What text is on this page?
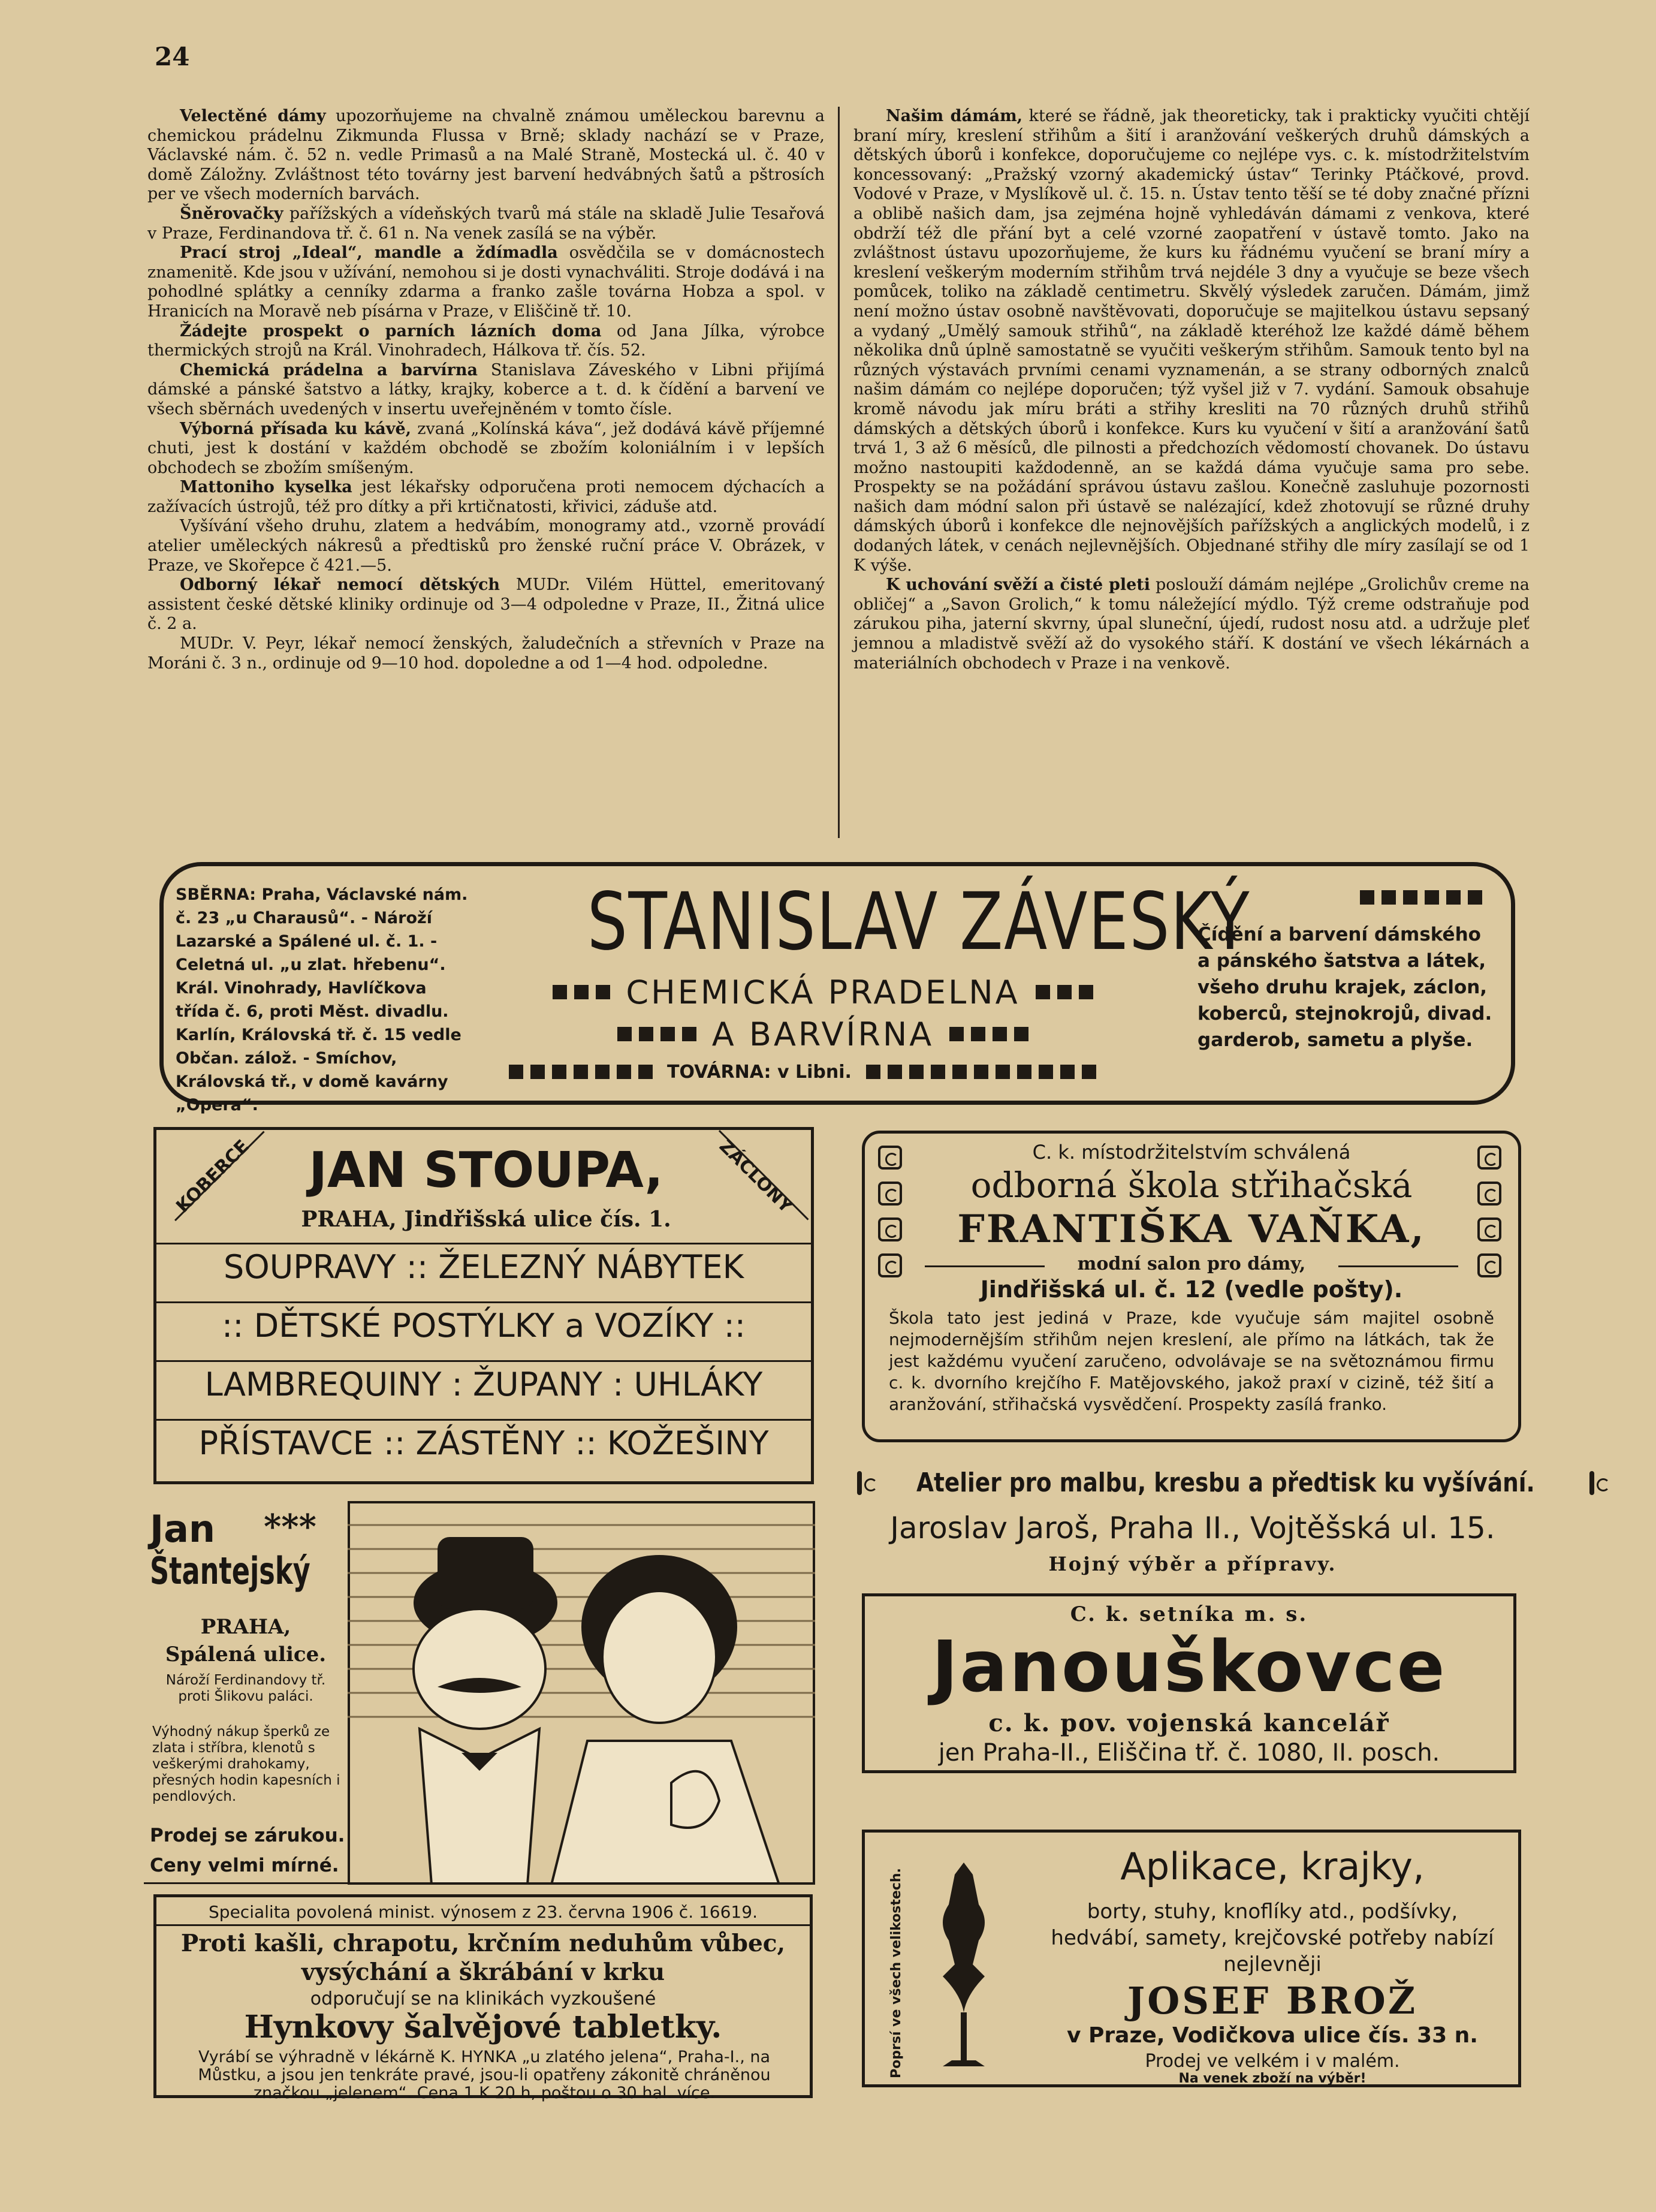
24

Velectěné dámy upozorňujeme na chvalně známou uměleckou barevnu a chemickou prádelnu Zikmunda Flussa v Brně; sklady nachází se v Praze, Václavské nám. č. 52 n. vedle Primasů a na Malé Straně, Mostecká ul. č. 40 v domě Záložny. Zvláštnost této továrny jest barvení hedvábných šatů a pštrosích per ve všech moderních barvách.

Šněrovačky pařížských a vídeňských tvarů má stále na skladě Julie Tesařová v Praze, Ferdinandova tř. č. 61 n. Na venek zasílá se na výběr.

Prací stroj „Ideal“, mandle a ždímadla osvědčila se v domácnostech znamenitě. Kde jsou v užívání, nemohou si je dosti vynachváliti. Stroje dodává i na pohodlné splátky a cenníky zdarma a franko zašle továrna Hobza a spol. v Hranicích na Moravě neb písárna v Praze, v Eliščině tř. 10.

Žádejte prospekt o parních lázních doma od Jana Jílka, výrobce thermických strojů na Král. Vinohradech, Hálkova tř. čís. 52.

Chemická prádelna a barvírna Stanislava Záveského v Libni přijímá dámské a pánské šatstvo a látky, krajky, koberce a t. d. k čídění a barvení ve všech sběrnách uvedených v insertu uveřejněném v tomto čísle.

Výborná přísada ku kávě, zvaná „Kolínská káva“, jež dodává kávě příjemné chuti, jest k dostání v každém obchodě se zbožím koloniálním i v lepších obchodech se zbožím smíšeným.

Mattoniho kyselka jest lékařsky odporučena proti nemocem dýchacích a zažívacích ústrojů, též pro dítky a při krtičnatosti, křivici, záduše atd.

Vyšívání všeho druhu, zlatem a hedvábím, monogramy atd., vzorně provádí atelier uměleckých nákresů a předtisků pro ženské ruční práce V. Obrázek, v Praze, ve Skořepce č 421.—5.

Odborný lékař nemocí dětských MUDr. Vilém Hüttel, emeritovaný assistent české dětské kliniky ordinuje od 3—4 odpoledne v Praze, II., Žitná ulice č. 2 a.

MUDr. V. Peyr, lékař nemocí ženských, žaludečních a střevních v Praze na Moráni č. 3 n., ordinuje od 9—10 hod. dopoledne a od 1—4 hod. odpoledne.

Našim dámám, které se řádně, jak theoreticky, tak i prakticky vyučiti chtějí braní míry, kreslení střihům a šití i aranžování veškerých druhů dámských a dětských úborů i konfekce, doporučujeme co nejlépe vys. c. k. místodržitelstvím koncessovaný: „Pražský vzorný akademický ústav“ Terinky Ptáčkové, provd. Vodové v Praze, v Myslíkově ul. č. 15. n. Ústav tento těší se té doby značné přízni a oblibě našich dam, jsa zejména hojně vyhledáván dámami z venkova, které obdrží též dle přání byt a celé vzorné zaopatření v ústavě tomto. Jako na zvláštnost ústavu upozorňujeme, že kurs ku řádnému vyučení se braní míry a kreslení veškerým moderním střihům trvá nejdéle 3 dny a vyučuje se beze všech pomůcek, toliko na základě centimetru. Skvělý výsledek zaručen. Dámám, jimž není možno ústav osobně navštěvovati, doporučuje se majitelkou ústavu sepsaný a vydaný „Umělý samouk střihů“, na základě kteréhož lze každé dámě během několika dnů úplně samostatně se vyučiti veškerým střihům. Samouk tento byl na různých výstavách prvními cenami vyznamenán, a se strany odborných znalců našim dámám co nejlépe doporučen; týž vyšel již v 7. vydání. Samouk obsahuje kromě návodu jak míru bráti a střihy kresliti na 70 různých druhů střihů dámských a dětských úborů i konfekce. Kurs ku vyučení v šití a aranžování šatů trvá 1, 3 až 6 měsíců, dle pilnosti a předchozích vědomostí chovanek. Do ústavu možno nastoupiti každodenně, an se každá dáma vyučuje sama pro sebe. Prospekty se na požádání správou ústavu zašlou. Konečně zasluhuje pozornosti našich dam módní salon při ústavě se nalézající, kdež zhotovují se různé druhy dámských úborů i konfekce dle nejnovějších pařížských a anglických modelů, i z dodaných látek, v cenách nejlevnějších. Objednané střihy dle míry zasílají se od 1 K výše.

K uchování svěží a čisté pleti poslouží dámám nejlépe „Grolichův creme na obličej“ a „Savon Grolich,“ k tomu náležející mýdlo. Týž creme odstraňuje pod zárukou piha, jaterní skvrny, úpal sluneční, újedí, rudost nosu atd. a udržuje pleť jemnou a mladistvě svěží až do vysokého stáří. K dostání ve všech lékárnách a materiálních obchodech v Praze i na venkově.

SBĚRNA: Praha, Václavské nám.
č. 23 „u Charausů“. - Nároží
Lazarské a Spálené ul. č. 1. -
Celetná ul. „u zlat. hřebenu“.
Král. Vinohrady, Havlíčkova
třída č. 6, proti Měst. divadlu.
Karlín, Královská tř. č. 15 vedle
Občan. zálož. - Smíchov, Královská tř., v domě kavárny „Opera“.
STANISLAV ZÁVESKÝ
CHEMICKÁ PRADELNA
A BARVÍRNA
TOVÁRNA: v Libni.
Čídění a barvení dámského
a pánského šatstva a látek,
všeho druhu krajek, záclon,
koberců, stejnokrojů, divad.
garderob, sametu a plyše.
KOBERCE	ZÁCLONY
JAN STOUPA,
PRAHA, Jindřišská ulice čís. 1.
SOUPRAVY :: ŽELEZNÝ NÁBYTEK
:: DĚTSKÉ POSTÝLKY a VOZÍKY ::
LAMBREQUINY : ŽUPANY : UHLÁKY
PŘÍSTAVCE :: ZÁSTĚNY :: KOŽEŠINY
C. k. místodržitelstvím schválená
odborná škola střihačská
FRANTIŠKA VAŇKA,
modní salon pro dámy,
Jindřišská ul. č. 12 (vedle pošty).
Škola tato jest jediná v Praze, kde vyučuje sám majitel osobně nejmodernějším střihům nejen kreslení, ale přímo na látkách, tak že jest každému vyučení zaručeno, odvolávaje se na světoznámou firmu c. k. dvorního krejčího F. Matějovského, jakož praxí v cizině, též šití a aranžování, střihačská vysvědčení. Prospekty zasílá franko.
Atelier pro malbu, kresbu a předtisk ku vyšívání.
Jaroslav Jaroš, Praha II., Vojtěšská ul. 15.
Hojný výběr a přípravy.
Jan ***
Štantejský
PRAHA,
Spálená ulice.
Nároží Ferdinandovy tř. proti Šlikovu paláci.
Výhodný nákup šperků ze zlata i stříbra, klenotů s veškerými drahokamy, přesných hodin kapesních i pendlových.
Prodej se zárukou.
Ceny velmi mírné.
C. k. setníka m. s.
Janouškovce
c. k. pov. vojenská kancelář
jen Praha-II., Eliščina tř. č. 1080, II. posch.
Specialita povolená minist. výnosem z 23. června 1906 č. 16619.
Proti kašli, chrapotu, krčním neduhům vůbec,
vysýchání a škrábání v krku
odporučují se na klinikách vyzkoušené
Hynkovy šalvějové tabletky.
Vyrábí se výhradně v lékárně K. HYNKA „u zlatého jelena“, Praha-I., na Můstku, a jsou jen tenkráte pravé, jsou-li opatřeny zákonitě chráněnou značkou „jelenem“. Cena 1 K 20 h, poštou o 30 hal. více.
Poprsí ve všech velikostech.
Aplikace, krajky,
borty, stuhy, knoflíky atd., podšívky, hedvábí, samety, krejčovské potřeby nabízí nejlevněji
JOSEF BROŽ
v Praze, Vodičkova ulice čís. 33 n.
Prodej ve velkém i v malém.
Na venek zboží na výběr!
